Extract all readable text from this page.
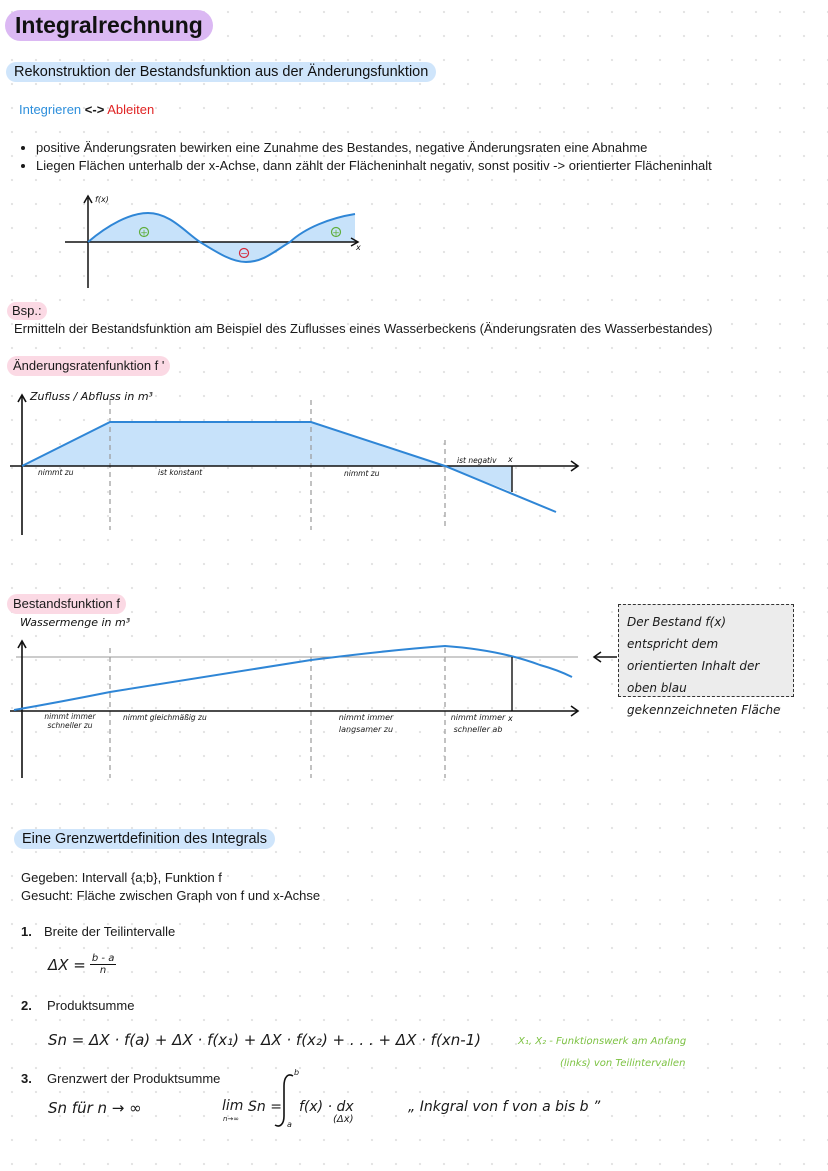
Integralrechnung
Rekonstruktion der Bestandsfunktion aus der Änderungsfunktion
Integrieren <-> Ableiten
• positive Änderungsraten bewirken eine Zunahme des Bestandes, negative Änderungsraten eine Abnahme
• Liegen Flächen unterhalb der x-Achse, dann zählt der Flächeninhalt negativ, sonst positiv -> orientierter Flächeninhalt
+
−
+
f(x)
x
Bsp.:
Ermitteln der Bestandsfunktion am Beispiel des Zuflusses eines Wasserbeckens (Änderungsraten des Wasserbestandes)
Änderungsratenfunktion f '
Zufluss / Abfluss in m³
x
nimmt zu	ist konstant	nimmt zu
ist negativ
Bestandsfunktion f
Wassermenge in m³
x
nimmt gleichmäßig zu
nimmt immer schneller zu
nimmt immer langsamer zu
nimmt immer schneller ab
Der Bestand f(x) entspricht dem orientierten Inhalt der oben blau gekennzeichneten Fläche
Eine Grenzwertdefinition des Integrals
Gegeben: Intervall {a;b}, Funktion f
Gesucht: Fläche zwischen Graph von f und x-Achse
1. Breite der Teilintervalle
$\Delta X = \frac{b - a}{n}$
2. Produktsumme
Sn = ΔX · f(a) + ΔX · f(x₁) + ΔX · f(x₂) + . . . + ΔX · f(xn-1)	X₁, X₂ - Funktionswerk am Anfang
(links) von Teilintervallen
3. Grenzwert der Produktsumme
Sn für n → ∞	lim
n→∞
Sn =
b
a
f(x) · dx
(Δx)
„ Inkgral von f von a bis b ”
